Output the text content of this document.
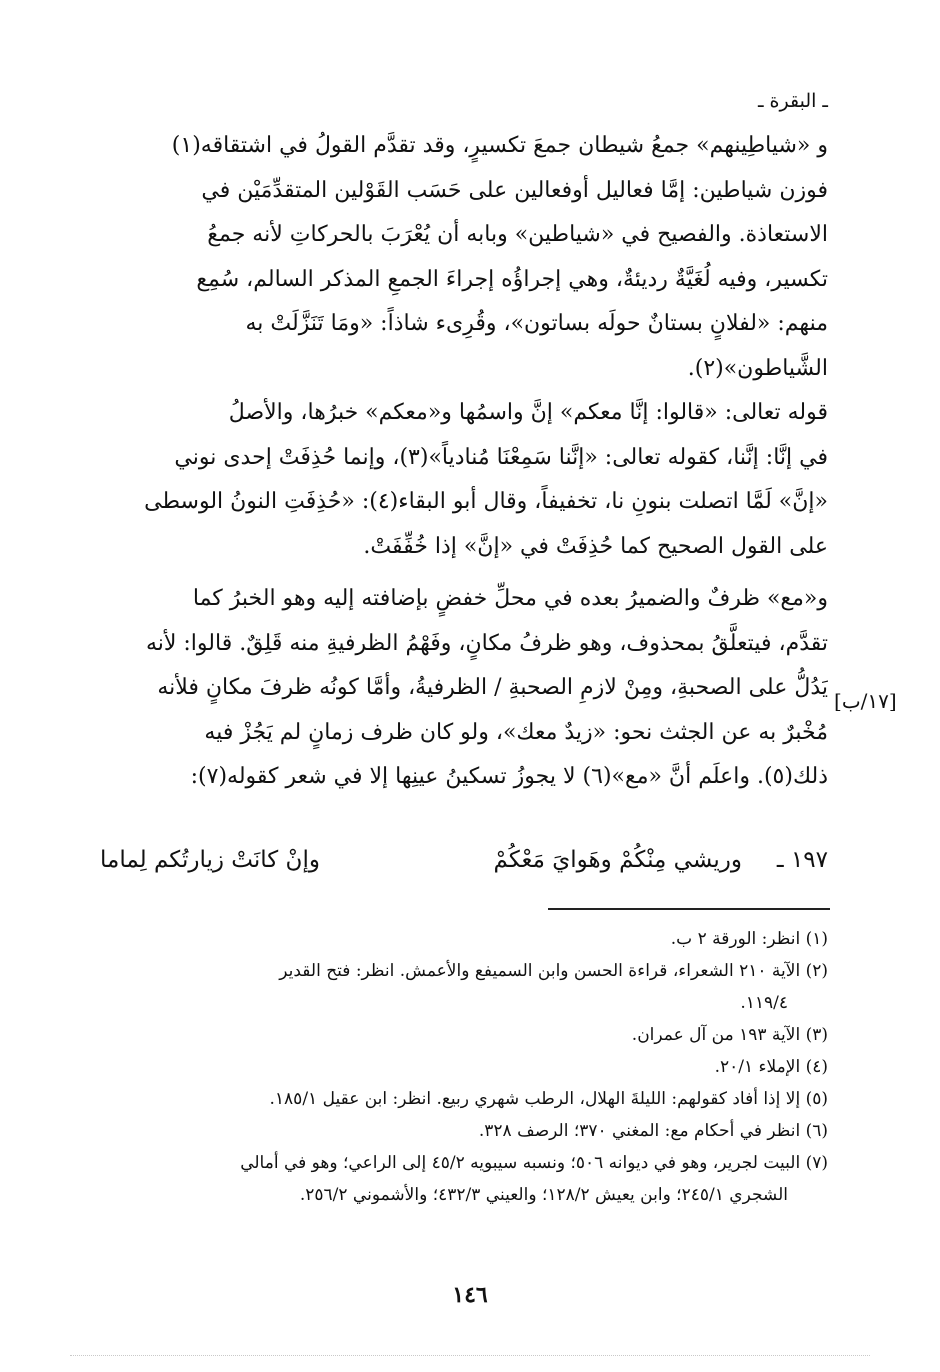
ـ البقرة ـ
و «شياطِينهم» جمعُ شيطان جمعَ تكسيرٍ، وقد تقدَّم القولُ في اشتقاقه(١)
فوزن شياطين: إمَّا فعاليل أوفعالين على حَسَب القَوْلين المتقدِّمَيْن في
الاستعاذة. والفصيح في «شياطين» وبابه أن يُعْرَبَ بالحركاتِ لأنه جمعُ
تكسير، وفيه لُغَيَّةٌ رديئةٌ، وهي إجراؤُه إجراءَ الجمعِ المذكر السالم، سُمِع
منهم: «لفلانٍ بستانٌ حولَه بساتون»، وقُرِىء شاذاً: «ومَا تَنَزَّلَتْ به
الشَّياطون»(٢).
قوله تعالى: «قالوا: إنَّا معكم» إنَّ واسمُها و«معكم» خبرُها، والأصلُ
في إنَّا: إنَّنا، كقوله تعالى: «إنَّنا سَمِعْنَا مُنادياً»(٣)، وإنما حُذِفَتْ إحدى نوني
«إنَّ» لَمَّا اتصلت بنونِ نا، تخفيفاً، وقال أبو البقاء(٤): «حُذِفَتِ النونُ الوسطى
على القول الصحيح كما حُذِفَتْ في «إنَّ» إذا خُفِّفَتْ.
و«مع» ظرفٌ والضميرُ بعده في محلِّ خفضٍ بإضافته إليه وهو الخبرُ كما
تقدَّم، فيتعلَّقُ بمحذوف، وهو ظرفُ مكانٍ، وفَهْمُ الظرفيةِ منه قَلِقٌ. قالوا: لأنه
يَدُلُّ على الصحبةِ، ومِنْ لازمِ الصحبةِ / الظرفيةُ، وأمَّا كونُه ظرفَ مكانٍ فلأنه
مُخْبرٌ به عن الجثث نحو: «زيدٌ معك»، ولو كان ظرف زمانٍ لم يَجُزْ فيه
ذلك(٥). واعلَم أنَّ «مع»(٦) لا يجوزُ تسكينُ عينِها إلا في شعر كقوله(٧):
[١٧/ب]
١٩٧ ـ
وريشي مِنْكُمْ وهَوايَ مَعْكُمْ
وإنْ كانَتْ زيارتُكم لِماما
(١) انظر: الورقة ٢ ب.
(٢) الآية ٢١٠ الشعراء، قراءة الحسن وابن السميفع والأعمش. انظر: فتح القدير
١١٩/٤.
(٣) الآية ١٩٣ من آل عمران.
(٤) الإملاء ٢٠/١.
(٥) إلا إذا أفاد كقولهم: الليلةَ الهلال، الرطب شهري ربيع. انظر: ابن عقيل ١٨٥/١.
(٦) انظر في أحكام مع: المغني ٣٧٠؛ الرصف ٣٢٨.
(٧) البيت لجرير، وهو في ديوانه ٥٠٦؛ ونسبه سيبويه ٤٥/٢ إلى الراعي؛ وهو في أمالي
الشجري ٢٤٥/١؛ وابن يعيش ١٢٨/٢؛ والعيني ٤٣٢/٣؛ والأشموني ٢٥٦/٢.
١٤٦
